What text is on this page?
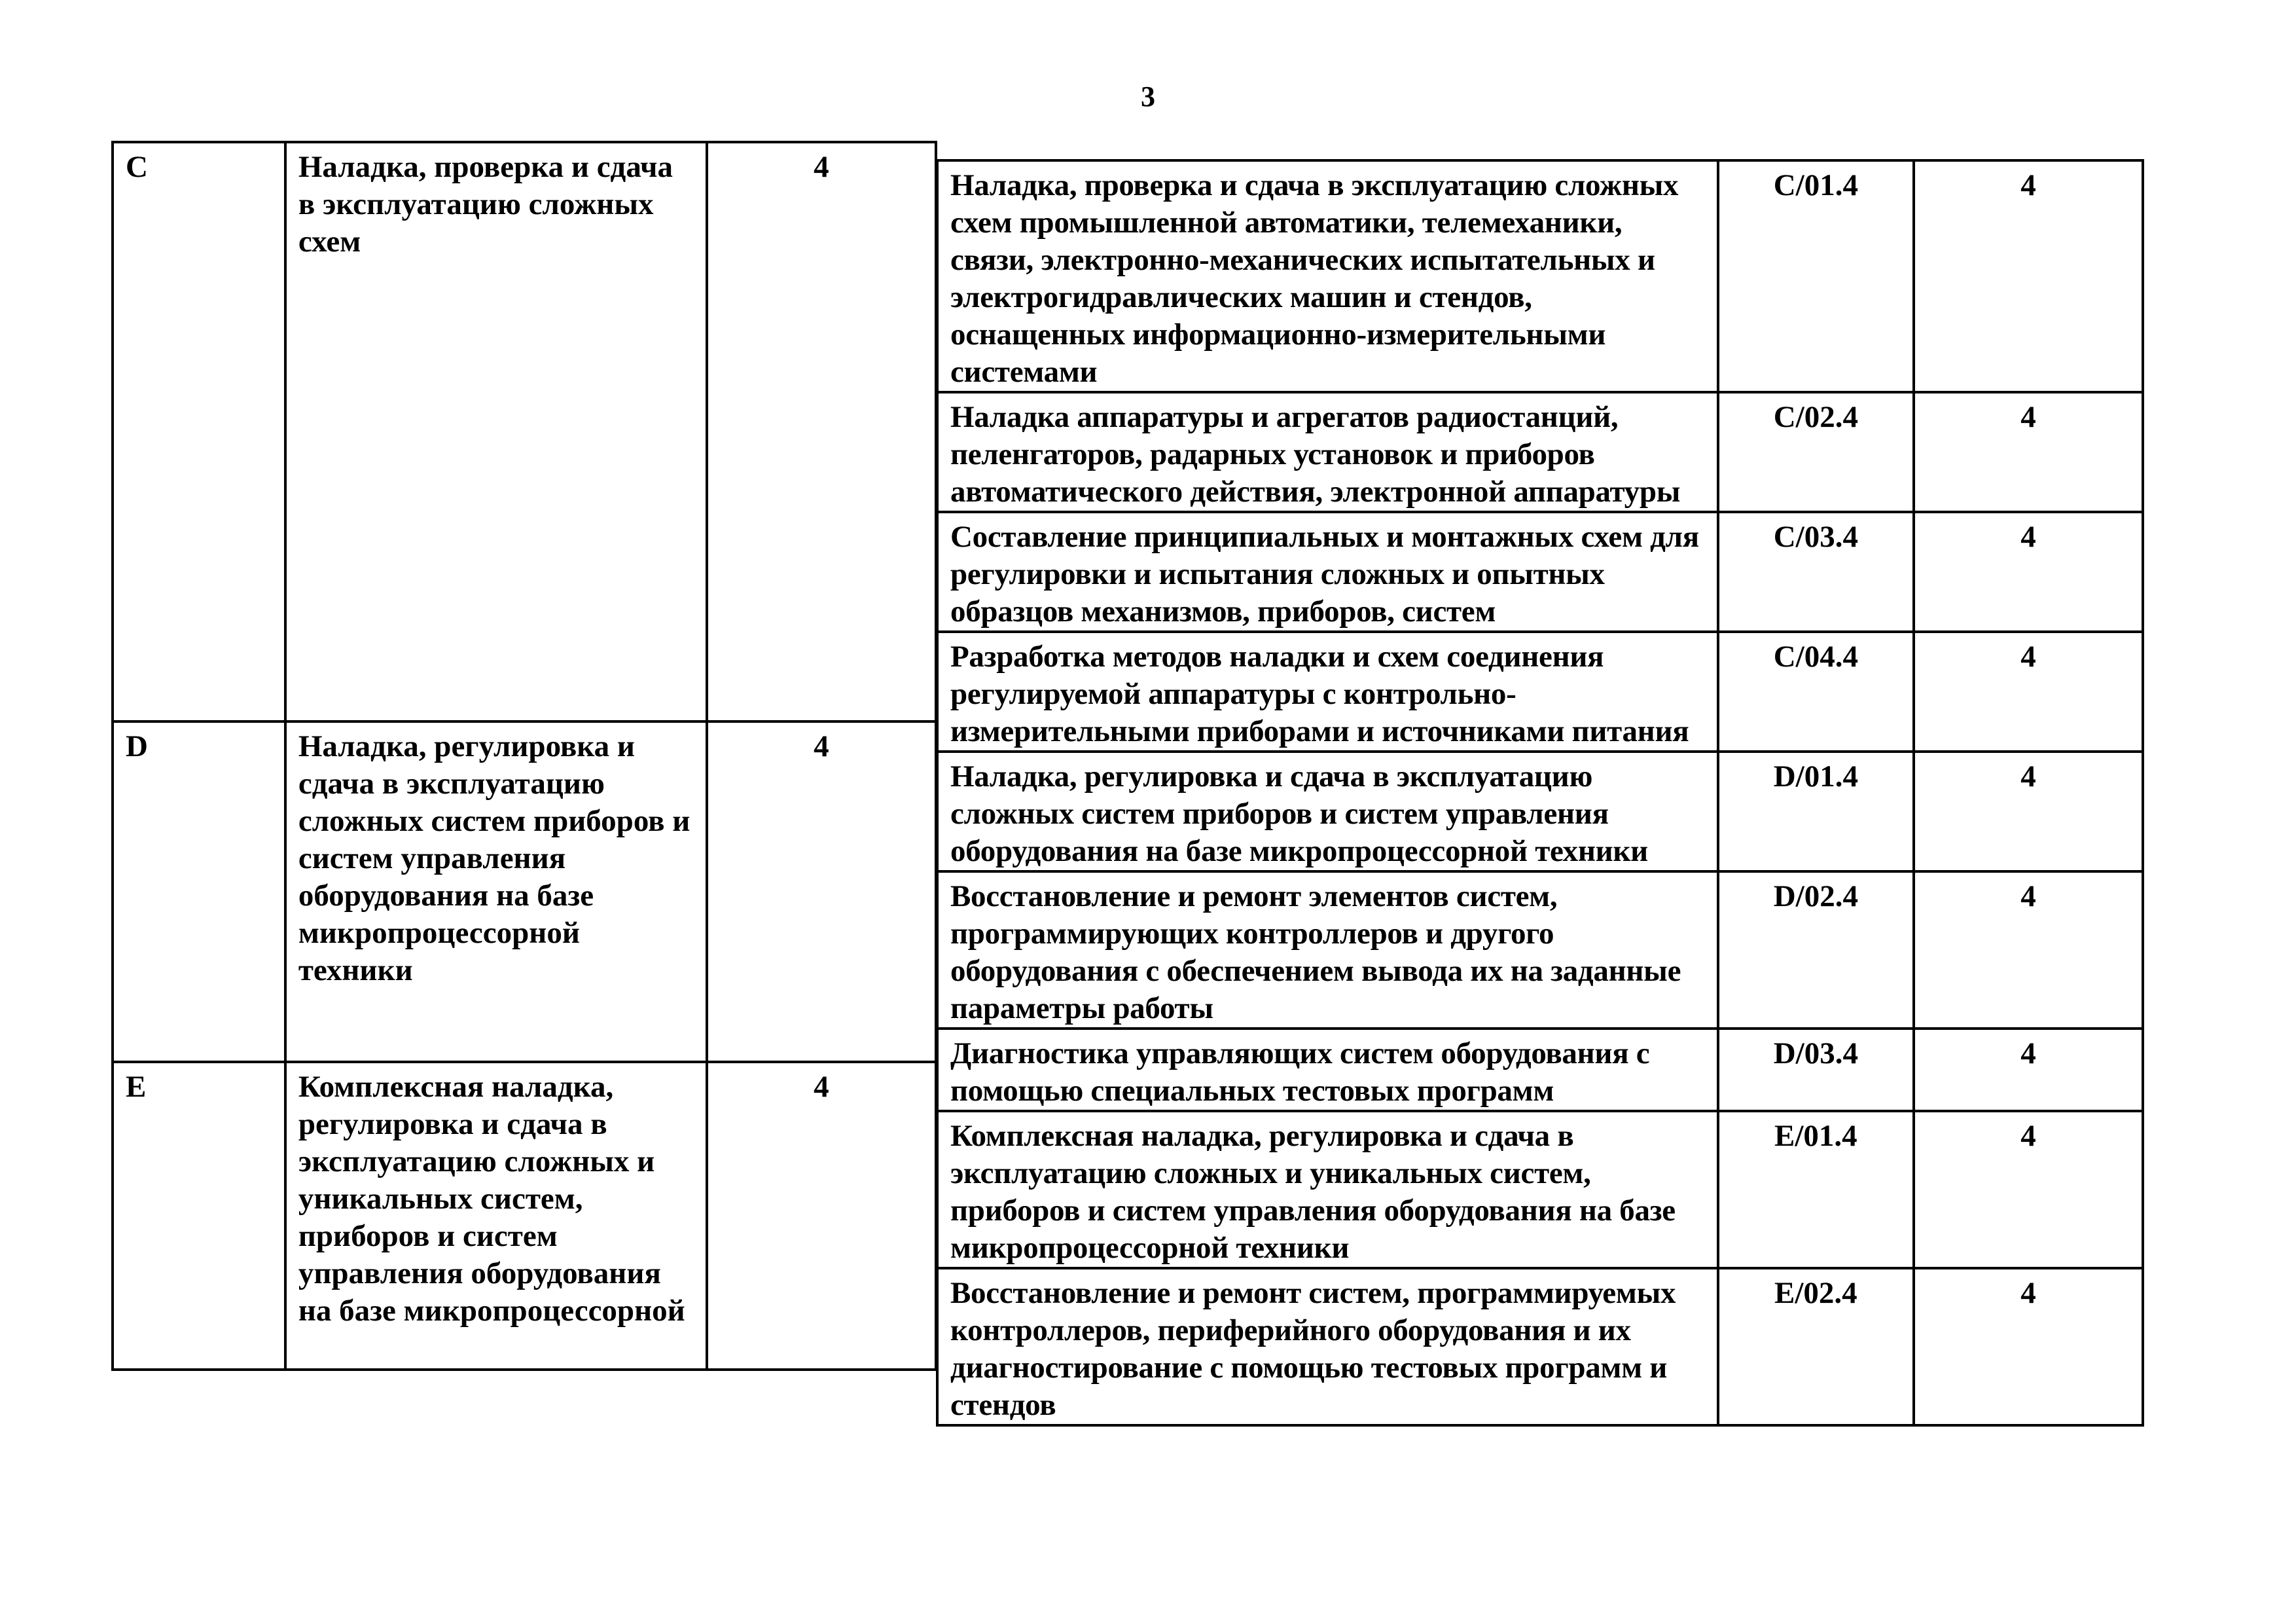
3
C	Наладка, проверка и сдача в эксплуатацию сложных схем	4
D	Наладка, регулировка и сдача в эксплуатацию сложных систем приборов и систем управления оборудования на базе микропроцессорной техники	4
E	Комплексная наладка, регулировка и сдача в эксплуатацию сложных и уникальных систем, приборов и систем управления оборудования на базе микропроцессорной	4
Наладка, проверка и сдача в эксплуатацию сложных схем промышленной автоматики, телемеханики, связи, электронно-механических испытательных и электрогидравлических машин и стендов, оснащенных информационно-измерительными системами	C/01.4	4
Наладка аппаратуры и агрегатов радиостанций, пеленгаторов, радарных установок и приборов автоматического действия, электронной аппаратуры	C/02.4	4
Составление принципиальных и монтажных схем для регулировки и испытания сложных и опытных образцов механизмов, приборов, систем	C/03.4	4
Разработка методов наладки и схем соединения регулируемой аппаратуры с контрольно-измерительными приборами и источниками питания	C/04.4	4
Наладка, регулировка и сдача в эксплуатацию сложных систем приборов и систем управления оборудования на базе микропроцессорной техники	D/01.4	4
Восстановление и ремонт элементов систем, программирующих контроллеров и другого оборудования с обеспечением вывода их на заданные параметры работы	D/02.4	4
Диагностика управляющих систем оборудования с помощью специальных тестовых программ	D/03.4	4
Комплексная наладка, регулировка и сдача в эксплуатацию сложных и уникальных систем, приборов и систем управления оборудования на базе микропроцессорной техники	E/01.4	4
Восстановление и ремонт систем, программируемых контроллеров, периферийного оборудования и их диагностирование с помощью тестовых программ и стендов	E/02.4	4
